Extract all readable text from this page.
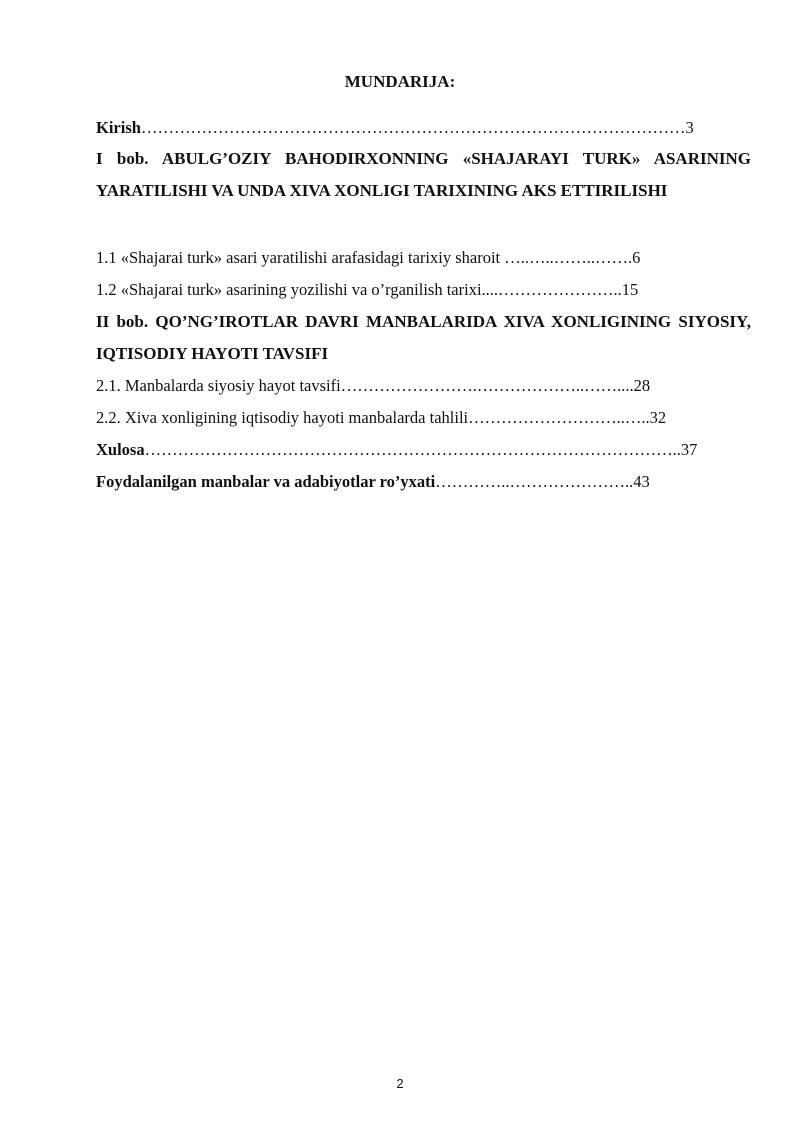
MUNDARIJA:
Kirish………………………………………………………………………………………3
I bob. ABULG’OZIY BAHODIRXONNING «SHAJARAYI TURK» ASARINING YARATILISHI VA UNDA XIVA XONLIGI TARIXINING AKS ETTIRILISHI
1.1 «Shajarai turk» asari yaratilishi arafasidagi tarixiy sharoit …..…..……..…….6
1.2 «Shajarai turk» asarining yozilishi va o’rganilish tarixi....…………………..15
II bob. QO’NG’IROTLAR DAVRI MANBALARIDA XIVA XONLIGINING SIYOSIY, IQTISODIY HAYOTI TAVSIFI
2.1. Manbalarda siyosiy hayot tavsifi…………………….………………..……....28
2.2. Xiva xonligining iqtisodiy hayoti manbalarda tahlili………………………..…..32
Xulosa……………………………………………………………………………………..37
Foydalanilgan manbalar va adabiyotlar ro’yxati…………..…………………..43
2
